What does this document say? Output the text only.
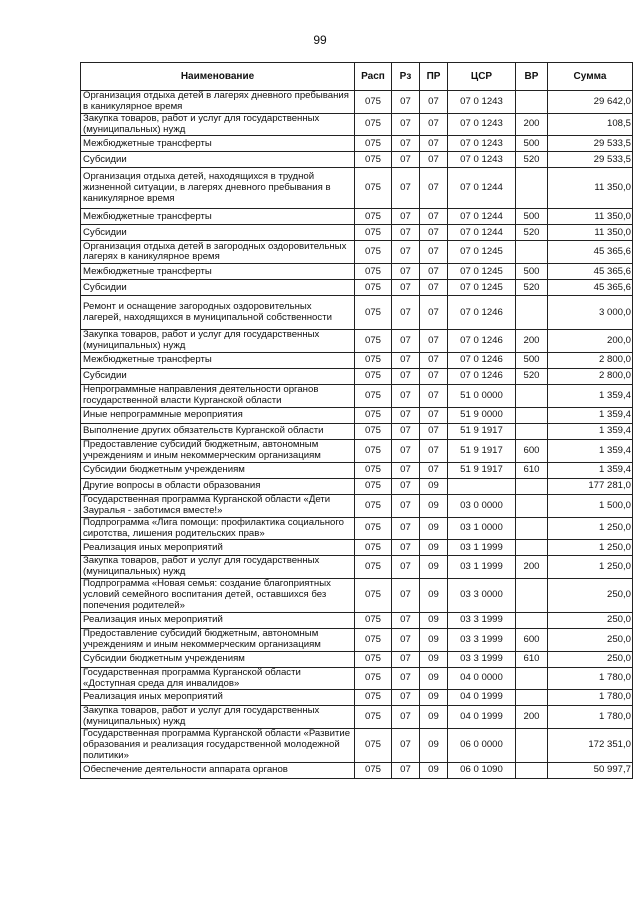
99
Наименование	Расп	Рз	ПР	ЦСР	ВР	Сумма
Организация отдыха детей в лагерях дневного пребывания в каникулярное время	075	07	07	07 0 1243		29 642,0
Закупка товаров, работ и услуг для государственных (муниципальных) нужд	075	07	07	07 0 1243	200	108,5
Межбюджетные трансферты	075	07	07	07 0 1243	500	29 533,5
Субсидии	075	07	07	07 0 1243	520	29 533,5
Организация отдыха детей, находящихся в трудной жизненной ситуации, в лагерях дневного пребывания в каникулярное время	075	07	07	07 0 1244		11 350,0
Межбюджетные трансферты	075	07	07	07 0 1244	500	11 350,0
Субсидии	075	07	07	07 0 1244	520	11 350,0
Организация отдыха детей в загородных оздоровительных лагерях в каникулярное время	075	07	07	07 0 1245		45 365,6
Межбюджетные трансферты	075	07	07	07 0 1245	500	45 365,6
Субсидии	075	07	07	07 0 1245	520	45 365,6
Ремонт и оснащение загородных оздоровительных лагерей, находящихся в муниципальной собственности	075	07	07	07 0 1246		3 000,0
Закупка товаров, работ и услуг для государственных (муниципальных) нужд	075	07	07	07 0 1246	200	200,0
Межбюджетные трансферты	075	07	07	07 0 1246	500	2 800,0
Субсидии	075	07	07	07 0 1246	520	2 800,0
Непрограммные направления деятельности органов государственной власти Курганской области	075	07	07	51 0 0000		1 359,4
Иные непрограммные мероприятия	075	07	07	51 9 0000		1 359,4
Выполнение других обязательств Курганской области	075	07	07	51 9 1917		1 359,4
Предоставление субсидий бюджетным, автономным учреждениям и иным некоммерческим организациям	075	07	07	51 9 1917	600	1 359,4
Субсидии бюджетным учреждениям	075	07	07	51 9 1917	610	1 359,4
Другие вопросы в области образования	075	07	09			177 281,0
Государственная программа Курганской области «Дети Зауралья - заботимся вместе!»	075	07	09	03 0 0000		1 500,0
Подпрограмма «Лига помощи: профилактика социального сиротства, лишения родительских прав»	075	07	09	03 1 0000		1 250,0
Реализация иных мероприятий	075	07	09	03 1 1999		1 250,0
Закупка товаров, работ и услуг для государственных (муниципальных) нужд	075	07	09	03 1 1999	200	1 250,0
Подпрограмма «Новая семья: создание благоприятных условий семейного воспитания детей, оставшихся без попечения родителей»	075	07	09	03 3 0000		250,0
Реализация иных мероприятий	075	07	09	03 3 1999		250,0
Предоставление субсидий бюджетным, автономным учреждениям и иным некоммерческим организациям	075	07	09	03 3 1999	600	250,0
Субсидии бюджетным учреждениям	075	07	09	03 3 1999	610	250,0
Государственная программа Курганской области «Доступная среда для инвалидов»	075	07	09	04 0 0000		1 780,0
Реализация иных мероприятий	075	07	09	04 0 1999		1 780,0
Закупка товаров, работ и услуг для государственных (муниципальных) нужд	075	07	09	04 0 1999	200	1 780,0
Государственная программа Курганской области «Развитие образования и реализация государственной молодежной политики»	075	07	09	06 0 0000		172 351,0
Обеспечение деятельности аппарата органов	075	07	09	06 0 1090		50 997,7
